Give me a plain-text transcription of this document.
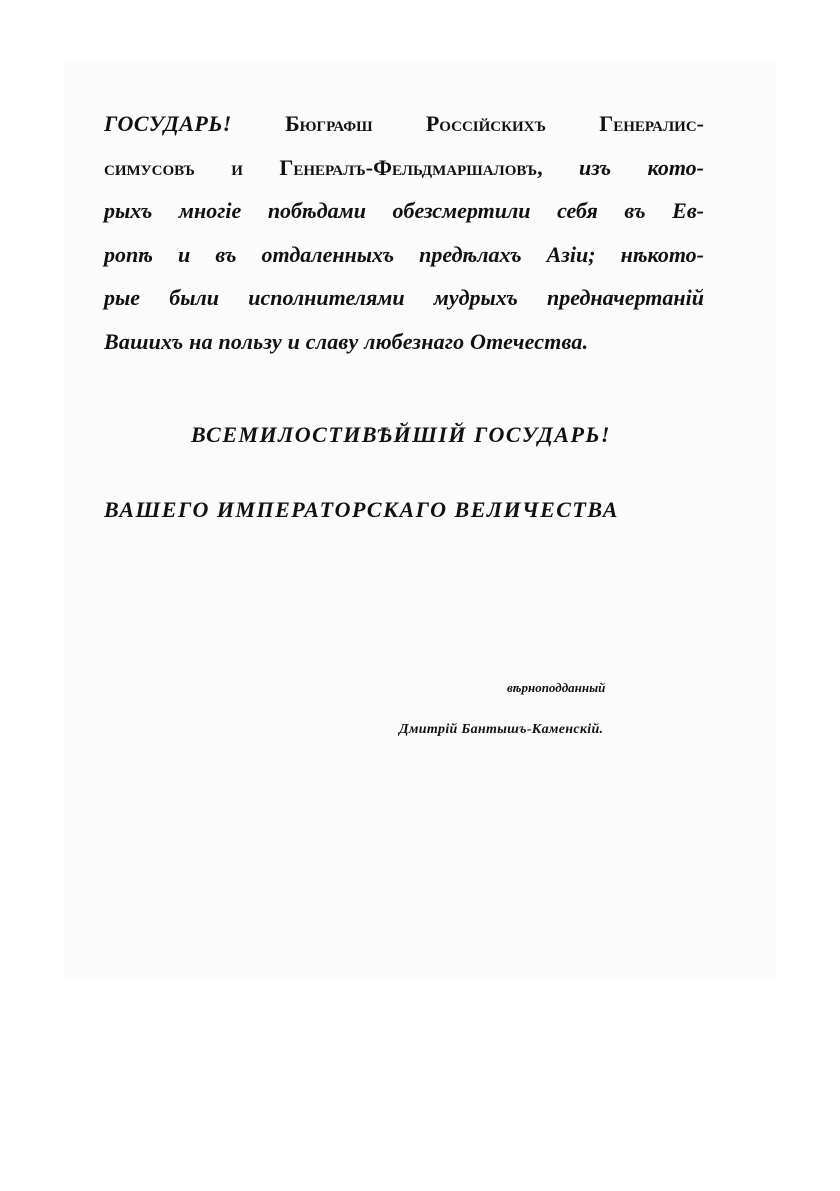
ГОСУДАРЬ! Бюграфш Россійскихъ Генералис-
симусовъ и Генералъ-Фельдмаршаловъ, изъ кото-
рыхъ многіе побѣдами обезсмертили себя въ Ев-
ропѣ и въ отдаленныхъ предѣлахъ Азіи; нѣкото-
рые были исполнителями мудрыхъ предначертаній
Вашихъ на пользу и славу любезнаго Отечества.

ВСЕМИЛОСТИВѢЙШІЙ ГОСУДАРЬ!
ВАШЕГО ИМПЕРАТОРСКАГО ВЕЛИЧЕСТВА
вѣрноподданный
Дмитрій Бантышъ-Каменскій.
